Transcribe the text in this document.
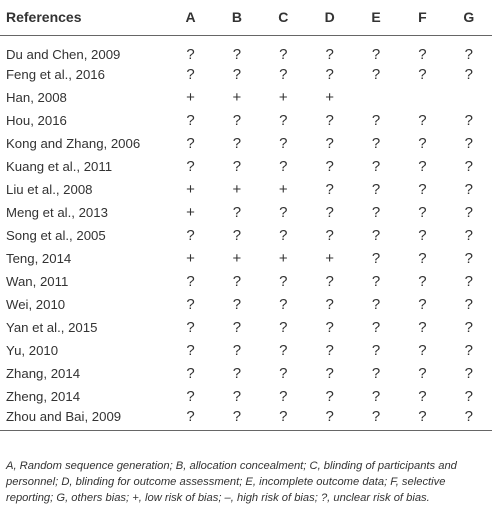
References	A	B	C	D	E	F	G
Du and Chen, 2009	?	?	?	?	?	?	?
Feng et al., 2016	?	?	?	?	?	?	?
Han, 2008	+	+	+	+			
Hou, 2016	?	?	?	?	?	?	?
Kong and Zhang, 2006	?	?	?	?	?	?	?
Kuang et al., 2011	?	?	?	?	?	?	?
Liu et al., 2008	+	+	+	?	?	?	?
Meng et al., 2013	+	?	?	?	?	?	?
Song et al., 2005	?	?	?	?	?	?	?
Teng, 2014	+	+	+	+	?	?	?
Wan, 2011	?	?	?	?	?	?	?
Wei, 2010	?	?	?	?	?	?	?
Yan et al., 2015	?	?	?	?	?	?	?
Yu, 2010	?	?	?	?	?	?	?
Zhang, 2014	?	?	?	?	?	?	?
Zheng, 2014	?	?	?	?	?	?	?
Zhou and Bai, 2009	?	?	?	?	?	?	?
A, Random sequence generation; B, allocation concealment; C, blinding of participants and personnel; D, blinding for outcome assessment; E, incomplete outcome data; F, selective reporting; G, others bias; +, low risk of bias; –, high risk of bias; ?, unclear risk of bias.
